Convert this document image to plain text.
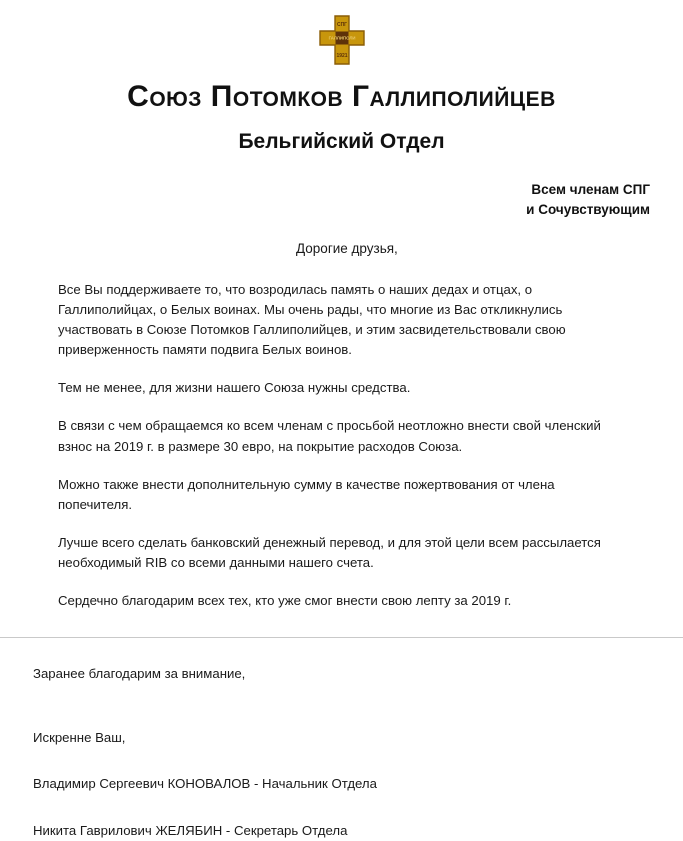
СПГ
ГАЛЛИПОЛИ
1921
Союз Потомков Галлиполийцев
Бельгийский Отдел
Всем членам СПГ
и Сочувствующим
Дорогие друзья,

Все Вы поддерживаете то, что возродилась память о наших дедах и отцах, о Галлиполийцах, о Белых воинах. Мы очень рады, что многие из Вас откликнулись участвовать в Союзе Потомков Галлиполийцев, и этим засвидетельствовали свою приверженность памяти подвига Белых воинов.

Тем не менее, для жизни нашего Союза нужны средства.

В связи с чем обращаемся ко всем членам с просьбой неотложно внести свой членский взнос на 2019 г. в размере 30 евро, на покрытие расходов Союза.

Можно также внести дополнительную сумму в качестве пожертвования от члена попечителя.

Лучше всего сделать банковский денежный перевод, и для этой цели всем рассылается необходимый RIB со всеми данными нашего счета.

Сердечно благодарим всех тех, кто уже смог внести свою лепту за 2019 г.

Заранее благодарим за внимание,

Искренне Ваш,

Владимир Сергеевич КОНОВАЛОВ - Начальник Отдела

Никита Гаврилович ЖЕЛЯБИН - Секретарь Отдела
